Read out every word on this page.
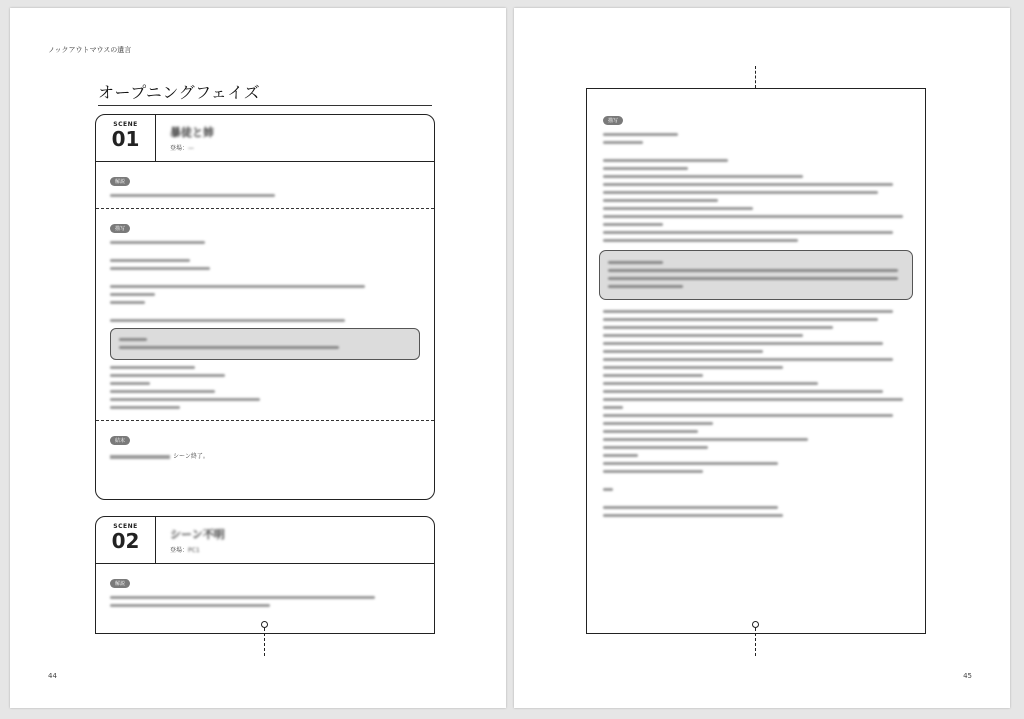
ノックアウトマウスの遺言
オープニングフェイズ
SCENE
01	暴徒と姉
登場：—
解説
描写
結末
シーン終了。
SCENE
02	シーン不明
登場：PC1
解説
44
描写
45
